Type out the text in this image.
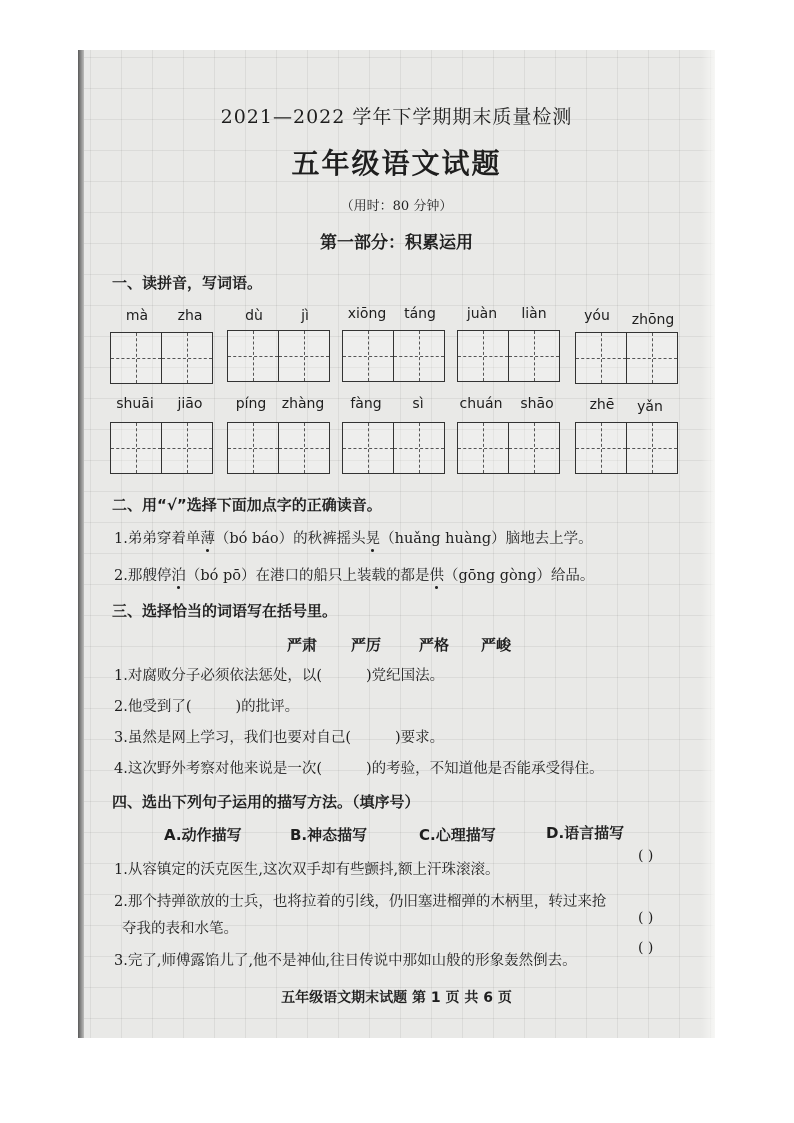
2021—2022 学年下学期期末质量检测
五年级语文试题
（用时：80 分钟）
第一部分：积累运用
一、读拼音，写词语。
mà	zha	dù	jì	xiōng	táng	juàn	liàn	yóu	zhōng
shuāi	jiāo	píng	zhàng	fàng	sì	chuán	shāo	zhē	yǎn
二、用“√”选择下面加点字的正确读音。
1.弟弟穿着单薄（bó báo）的秋裤摇头晃（huǎng huàng）脑地去上学。
2.那艘停泊（bó pō）在港口的船只上装载的都是供（gōng gòng）给品。
三、选择恰当的词语写在括号里。
严肃 严厉	严格 严峻
1.对腐败分子必须依法惩处，以(	)党纪国法。
2.他受到了(	)的批评。
3.虽然是网上学习，我们也要对自己(	)要求。
4.这次野外考察对他来说是一次(	)的考验，不知道他是否能承受得住。
四、选出下列句子运用的描写方法。（填序号）
A.动作描写	B.神态描写	C.心理描写	D.语言描写
1.从容镇定的沃克医生,这次双手却有些颤抖,额上汗珠滚滚。
( )
2.那个持弹欲放的士兵，也将拉着的引线，仍旧塞进榴弹的木柄里，转过来抢
夺我的表和水笔。
( )
3.完了,师傅露馅儿了,他不是神仙,往日传说中那如山般的形象轰然倒去。
( )
五年级语文期末试题 第 1 页 共 6 页
